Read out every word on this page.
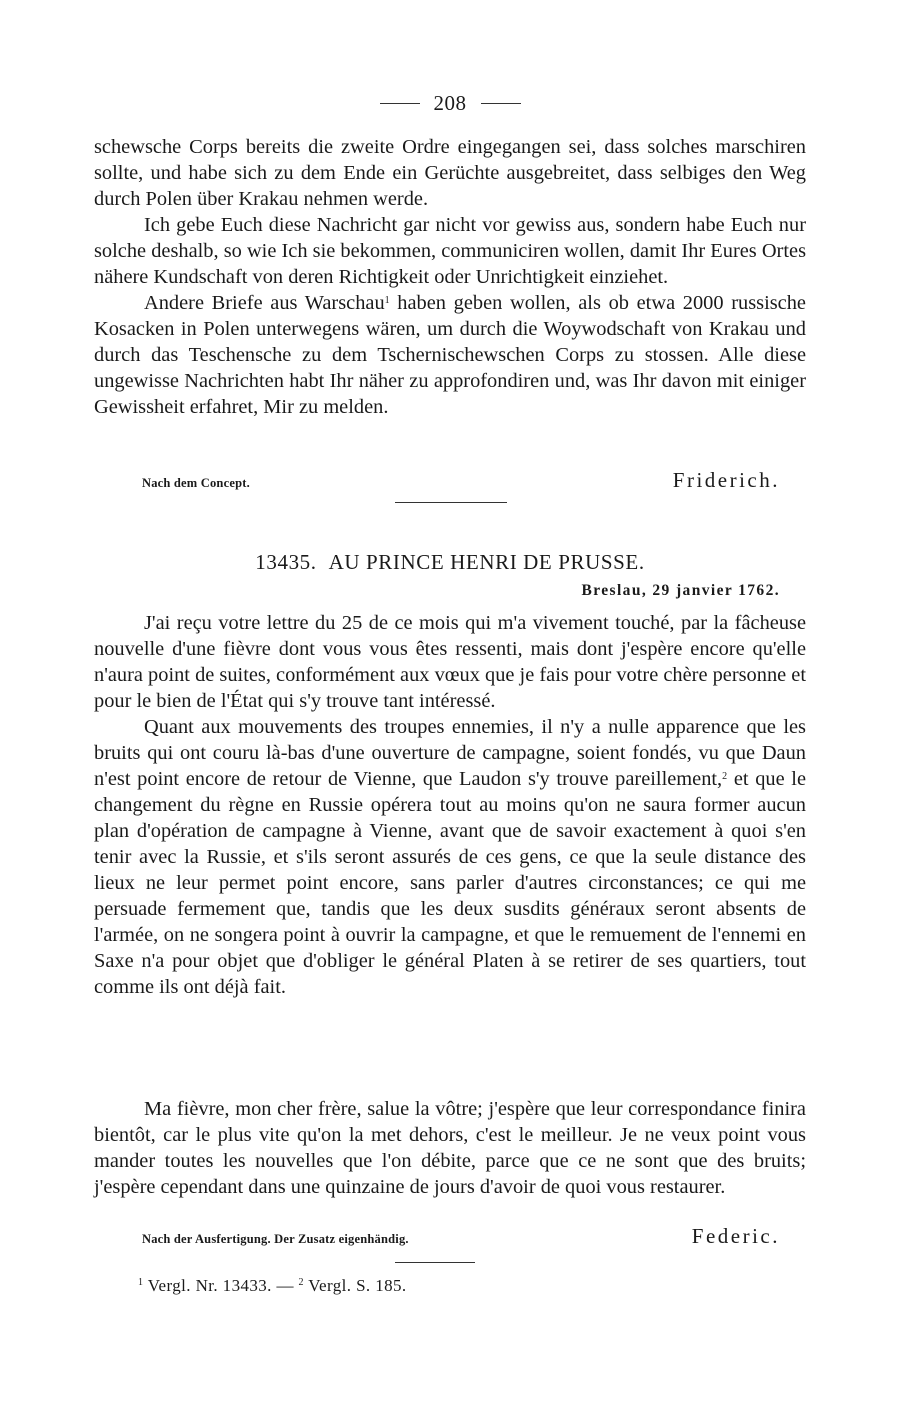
208

schewsche Corps bereits die zweite Ordre eingegangen sei, dass solches marschiren sollte, und habe sich zu dem Ende ein Gerüchte ausgebreitet, dass selbiges den Weg durch Polen über Krakau nehmen werde.

Ich gebe Euch diese Nachricht gar nicht vor gewiss aus, sondern habe Euch nur solche deshalb, so wie Ich sie bekommen, communiciren wollen, damit Ihr Eures Ortes nähere Kundschaft von deren Richtigkeit oder Unrichtigkeit einziehet.

Andere Briefe aus Warschau$^1$ haben geben wollen, als ob etwa 2000 russische Kosacken in Polen unterwegens wären, um durch die Woywodschaft von Krakau und durch das Teschensche zu dem Tschernischewschen Corps zu stossen. Alle diese ungewisse Nachrichten habt Ihr näher zu approfondiren und, was Ihr davon mit einiger Gewissheit erfahret, Mir zu melden.

Nach dem Concept.	Friderich.
13435. AU PRINCE HENRI DE PRUSSE.
Breslau, 29 janvier 1762.

J'ai reçu votre lettre du 25 de ce mois qui m'a vivement touché, par la fâcheuse nouvelle d'une fièvre dont vous vous êtes ressenti, mais dont j'espère encore qu'elle n'aura point de suites, conformément aux vœux que je fais pour votre chère personne et pour le bien de l'État qui s'y trouve tant intéressé.

Quant aux mouvements des troupes ennemies, il n'y a nulle apparence que les bruits qui ont couru là-bas d'une ouverture de campagne, soient fondés, vu que Daun n'est point encore de retour de Vienne, que Laudon s'y trouve pareillement,$^2$ et que le changement du règne en Russie opérera tout au moins qu'on ne saura former aucun plan d'opération de campagne à Vienne, avant que de savoir exactement à quoi s'en tenir avec la Russie, et s'ils seront assurés de ces gens, ce que la seule distance des lieux ne leur permet point encore, sans parler d'autres circonstances; ce qui me persuade fermement que, tandis que les deux susdits généraux seront absents de l'armée, on ne songera point à ouvrir la campagne, et que le remuement de l'ennemi en Saxe n'a pour objet que d'obliger le général Platen à se retirer de ses quartiers, tout comme ils ont déjà fait.

Ma fièvre, mon cher frère, salue la vôtre; j'espère que leur correspondance finira bientôt, car le plus vite qu'on la met dehors, c'est le meilleur. Je ne veux point vous mander toutes les nouvelles que l'on débite, parce que ce ne sont que des bruits; j'espère cependant dans une quinzaine de jours d'avoir de quoi vous restaurer.

Nach der Ausfertigung. Der Zusatz eigenhändig.	Federic.
$^1$ Vergl. Nr. 13433. — $^2$ Vergl. S. 185.
